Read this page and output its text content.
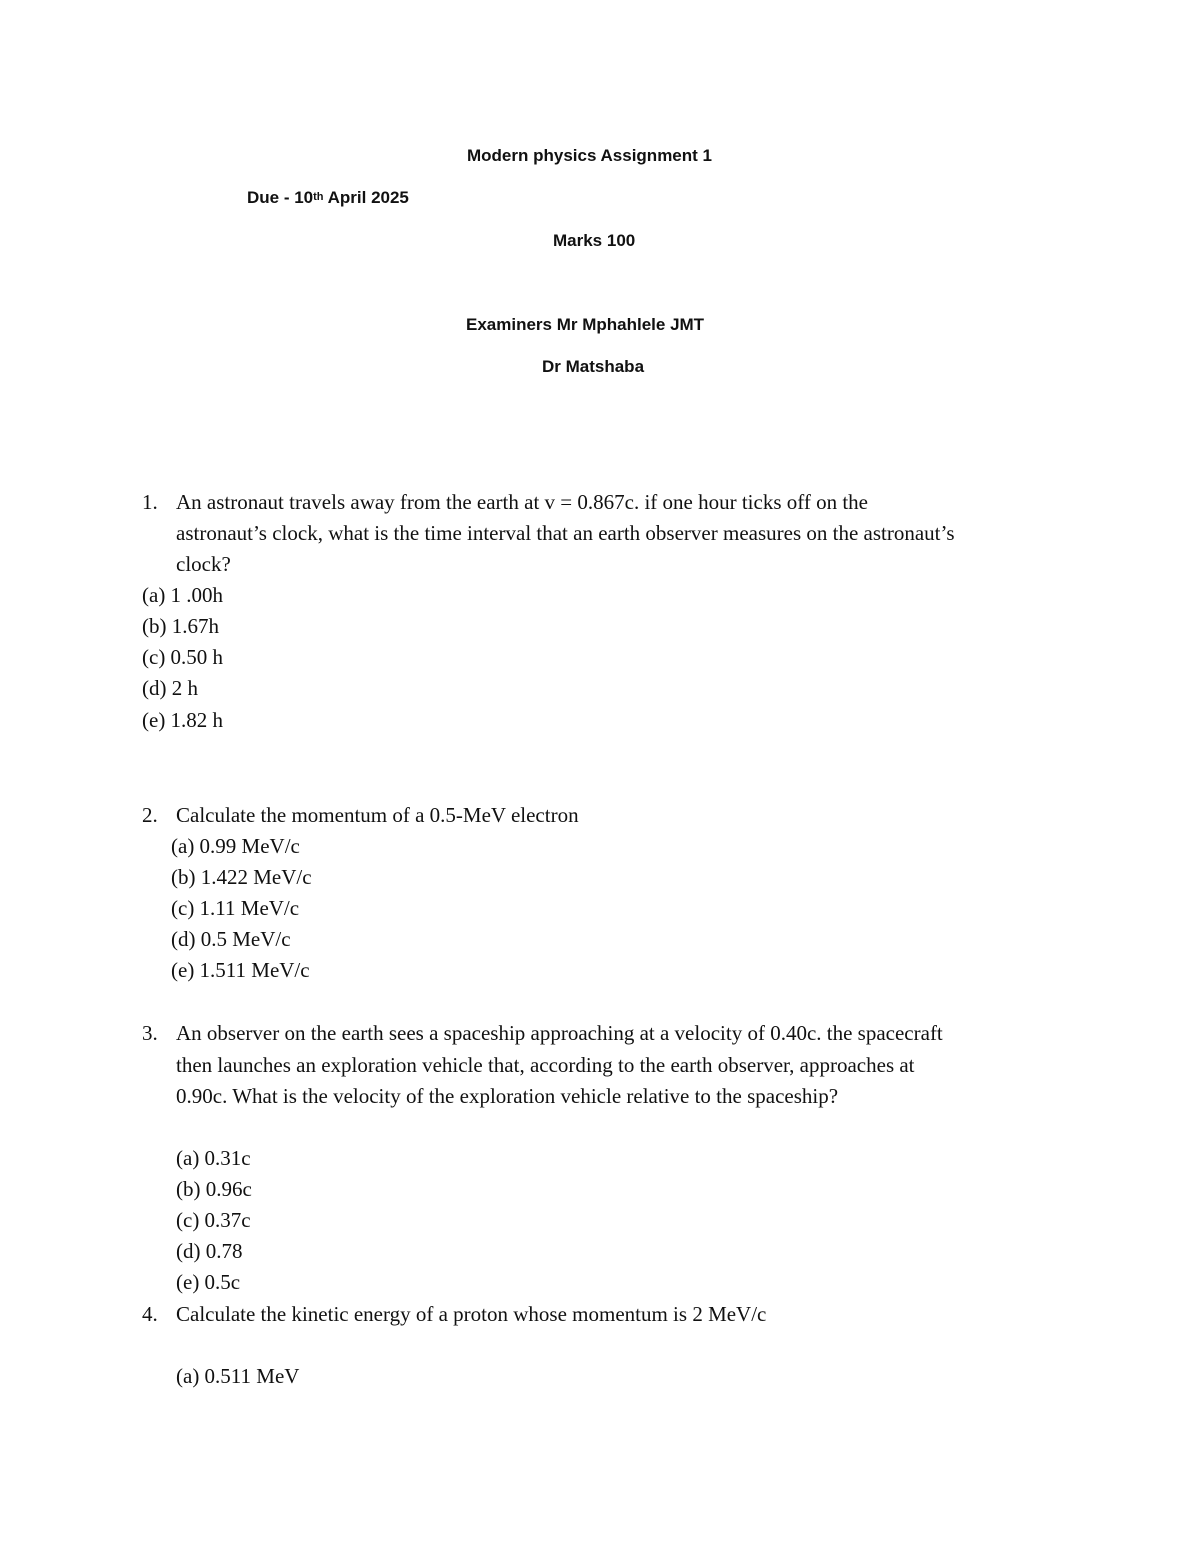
Modern physics Assignment 1
Due - 10th April 2025
Marks 100
Examiners Mr Mphahlele JMT
Dr Matshaba
1. An astronaut travels away from the earth at v = 0.867c. if one hour ticks off on the
astronaut’s clock, what is the time interval that an earth observer measures on the astronaut’s
clock?
(a) 1 .00h
(b) 1.67h
(c) 0.50 h
(d) 2 h
(e) 1.82 h
2. Calculate the momentum of a 0.5-MeV electron
(a) 0.99 MeV/c
(b) 1.422 MeV/c
(c) 1.11 MeV/c
(d) 0.5 MeV/c
(e) 1.511 MeV/c
3. An observer on the earth sees a spaceship approaching at a velocity of 0.40c. the spacecraft
then launches an exploration vehicle that, according to the earth observer, approaches at
0.90c. What is the velocity of the exploration vehicle relative to the spaceship?
(a) 0.31c
(b) 0.96c
(c) 0.37c
(d) 0.78
(e) 0.5c
4. Calculate the kinetic energy of a proton whose momentum is 2 MeV/c
(a) 0.511 MeV
